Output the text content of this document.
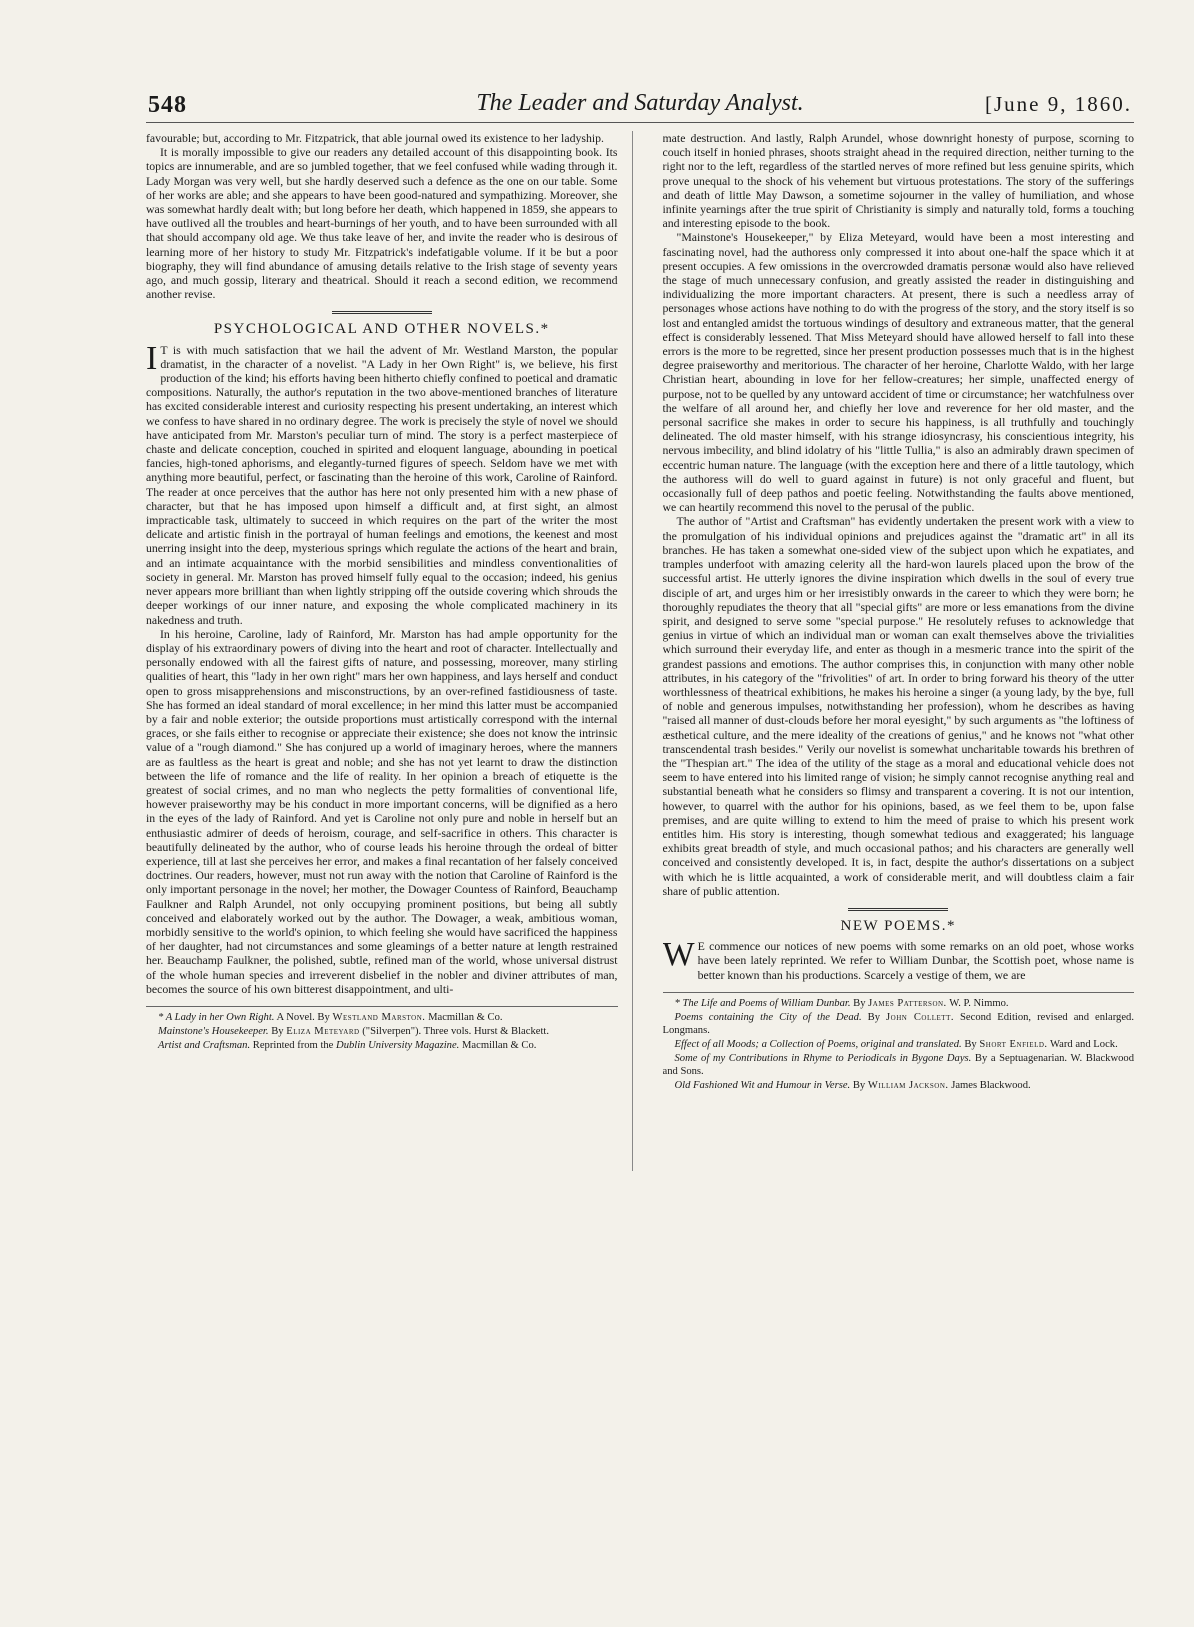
548	The Leader and Saturday Analyst.	[June 9, 1860.

favourable; but, according to Mr. Fitzpatrick, that able journal owed its existence to her ladyship.

It is morally impossible to give our readers any detailed account of this disappointing book. Its topics are innumerable, and are so jumbled together, that we feel confused while wading through it. Lady Morgan was very well, but she hardly deserved such a defence as the one on our table. Some of her works are able; and she appears to have been good-natured and sympathizing. Moreover, she was somewhat hardly dealt with; but long before her death, which happened in 1859, she appears to have outlived all the troubles and heart-burnings of her youth, and to have been surrounded with all that should accompany old age. We thus take leave of her, and invite the reader who is desirous of learning more of her history to study Mr. Fitzpatrick's indefatigable volume. If it be but a poor biography, they will find abundance of amusing details relative to the Irish stage of seventy years ago, and much gossip, literary and theatrical. Should it reach a second edition, we recommend another revise.

PSYCHOLOGICAL AND OTHER NOVELS.*

I T is with much satisfaction that we hail the advent of Mr. Westland Marston, the popular dramatist, in the character of a novelist. "A Lady in her Own Right" is, we believe, his first production of the kind; his efforts having been hitherto chiefly confined to poetical and dramatic compositions. Naturally, the author's reputation in the two above-mentioned branches of literature has excited considerable interest and curiosity respecting his present undertaking, an interest which we confess to have shared in no ordinary degree. The work is precisely the style of novel we should have anticipated from Mr. Marston's peculiar turn of mind. The story is a perfect masterpiece of chaste and delicate conception, couched in spirited and eloquent language, abounding in poetical fancies, high-toned aphorisms, and elegantly-turned figures of speech. Seldom have we met with anything more beautiful, perfect, or fascinating than the heroine of this work, Caroline of Rainford. The reader at once perceives that the author has here not only presented him with a new phase of character, but that he has imposed upon himself a difficult and, at first sight, an almost impracticable task, ultimately to succeed in which requires on the part of the writer the most delicate and artistic finish in the portrayal of human feelings and emotions, the keenest and most unerring insight into the deep, mysterious springs which regulate the actions of the heart and brain, and an intimate acquaintance with the morbid sensibilities and mindless conventionalities of society in general. Mr. Marston has proved himself fully equal to the occasion; indeed, his genius never appears more brilliant than when lightly stripping off the outside covering which shrouds the deeper workings of our inner nature, and exposing the whole complicated machinery in its nakedness and truth.

In his heroine, Caroline, lady of Rainford, Mr. Marston has had ample opportunity for the display of his extraordinary powers of diving into the heart and root of character. Intellectually and personally endowed with all the fairest gifts of nature, and possessing, moreover, many stirling qualities of heart, this "lady in her own right" mars her own happiness, and lays herself and conduct open to gross misapprehensions and misconstructions, by an over-refined fastidiousness of taste. She has formed an ideal standard of moral excellence; in her mind this latter must be accompanied by a fair and noble exterior; the outside proportions must artistically correspond with the internal graces, or she fails either to recognise or appreciate their existence; she does not know the intrinsic value of a "rough diamond." She has conjured up a world of imaginary heroes, where the manners are as faultless as the heart is great and noble; and she has not yet learnt to draw the distinction between the life of romance and the life of reality. In her opinion a breach of etiquette is the greatest of social crimes, and no man who neglects the petty formalities of conventional life, however praiseworthy may be his conduct in more important concerns, will be dignified as a hero in the eyes of the lady of Rainford. And yet is Caroline not only pure and noble in herself but an enthusiastic admirer of deeds of heroism, courage, and self-sacrifice in others. This character is beautifully delineated by the author, who of course leads his heroine through the ordeal of bitter experience, till at last she perceives her error, and makes a final recantation of her falsely conceived doctrines. Our readers, however, must not run away with the notion that Caroline of Rainford is the only important personage in the novel; her mother, the Dowager Countess of Rainford, Beauchamp Faulkner and Ralph Arundel, not only occupying prominent positions, but being all subtly conceived and elaborately worked out by the author. The Dowager, a weak, ambitious woman, morbidly sensitive to the world's opinion, to which feeling she would have sacrificed the happiness of her daughter, had not circumstances and some gleamings of a better nature at length restrained her. Beauchamp Faulkner, the polished, subtle, refined man of the world, whose universal distrust of the whole human species and irreverent disbelief in the nobler and diviner attributes of man, becomes the source of his own bitterest disappointment, and ulti-

* A Lady in her Own Right. A Novel. By Westland Marston. Macmillan & Co.

Mainstone's Housekeeper. By Eliza Meteyard ("Silverpen"). Three vols. Hurst & Blackett.

Artist and Craftsman. Reprinted from the Dublin University Magazine. Macmillan & Co.

mate destruction. And lastly, Ralph Arundel, whose downright honesty of purpose, scorning to couch itself in honied phrases, shoots straight ahead in the required direction, neither turning to the right nor to the left, regardless of the startled nerves of more refined but less genuine spirits, which prove unequal to the shock of his vehement but virtuous protestations. The story of the sufferings and death of little May Dawson, a sometime sojourner in the valley of humiliation, and whose infinite yearnings after the true spirit of Christianity is simply and naturally told, forms a touching and interesting episode to the book.

"Mainstone's Housekeeper," by Eliza Meteyard, would have been a most interesting and fascinating novel, had the authoress only compressed it into about one-half the space which it at present occupies. A few omissions in the overcrowded dramatis personæ would also have relieved the stage of much unnecessary confusion, and greatly assisted the reader in distinguishing and individualizing the more important characters. At present, there is such a needless array of personages whose actions have nothing to do with the progress of the story, and the story itself is so lost and entangled amidst the tortuous windings of desultory and extraneous matter, that the general effect is considerably lessened. That Miss Meteyard should have allowed herself to fall into these errors is the more to be regretted, since her present production possesses much that is in the highest degree praiseworthy and meritorious. The character of her heroine, Charlotte Waldo, with her large Christian heart, abounding in love for her fellow-creatures; her simple, unaffected energy of purpose, not to be quelled by any untoward accident of time or circumstance; her watchfulness over the welfare of all around her, and chiefly her love and reverence for her old master, and the personal sacrifice she makes in order to secure his happiness, is all truthfully and touchingly delineated. The old master himself, with his strange idiosyncrasy, his conscientious integrity, his nervous imbecility, and blind idolatry of his "little Tullia," is also an admirably drawn specimen of eccentric human nature. The language (with the exception here and there of a little tautology, which the authoress will do well to guard against in future) is not only graceful and fluent, but occasionally full of deep pathos and poetic feeling. Notwithstanding the faults above mentioned, we can heartily recommend this novel to the perusal of the public.

The author of "Artist and Craftsman" has evidently undertaken the present work with a view to the promulgation of his individual opinions and prejudices against the "dramatic art" in all its branches. He has taken a somewhat one-sided view of the subject upon which he expatiates, and tramples underfoot with amazing celerity all the hard-won laurels placed upon the brow of the successful artist. He utterly ignores the divine inspiration which dwells in the soul of every true disciple of art, and urges him or her irresistibly onwards in the career to which they were born; he thoroughly repudiates the theory that all "special gifts" are more or less emanations from the divine spirit, and designed to serve some "special purpose." He resolutely refuses to acknowledge that genius in virtue of which an individual man or woman can exalt themselves above the trivialities which surround their everyday life, and enter as though in a mesmeric trance into the spirit of the grandest passions and emotions. The author comprises this, in conjunction with many other noble attributes, in his category of the "frivolities" of art. In order to bring forward his theory of the utter worthlessness of theatrical exhibitions, he makes his heroine a singer (a young lady, by the bye, full of noble and generous impulses, notwithstanding her profession), whom he describes as having "raised all manner of dust-clouds before her moral eyesight," by such arguments as "the loftiness of æsthetical culture, and the mere ideality of the creations of genius," and he knows not "what other transcendental trash besides." Verily our novelist is somewhat uncharitable towards his brethren of the "Thespian art." The idea of the utility of the stage as a moral and educational vehicle does not seem to have entered into his limited range of vision; he simply cannot recognise anything real and substantial beneath what he considers so flimsy and transparent a covering. It is not our intention, however, to quarrel with the author for his opinions, based, as we feel them to be, upon false premises, and are quite willing to extend to him the meed of praise to which his present work entitles him. His story is interesting, though somewhat tedious and exaggerated; his language exhibits great breadth of style, and much occasional pathos; and his characters are generally well conceived and consistently developed. It is, in fact, despite the author's dissertations on a subject with which he is little acquainted, a work of considerable merit, and will doubtless claim a fair share of public attention.

NEW POEMS.*

W E commence our notices of new poems with some remarks on an old poet, whose works have been lately reprinted. We refer to William Dunbar, the Scottish poet, whose name is better known than his productions. Scarcely a vestige of them, we are

* The Life and Poems of William Dunbar. By James Patterson. W. P. Nimmo.

Poems containing the City of the Dead. By John Collett. Second Edition, revised and enlarged. Longmans.

Effect of all Moods; a Collection of Poems, original and translated. By Short Enfield. Ward and Lock.

Some of my Contributions in Rhyme to Periodicals in Bygone Days. By a Septuagenarian. W. Blackwood and Sons.

Old Fashioned Wit and Humour in Verse. By William Jackson. James Blackwood.
